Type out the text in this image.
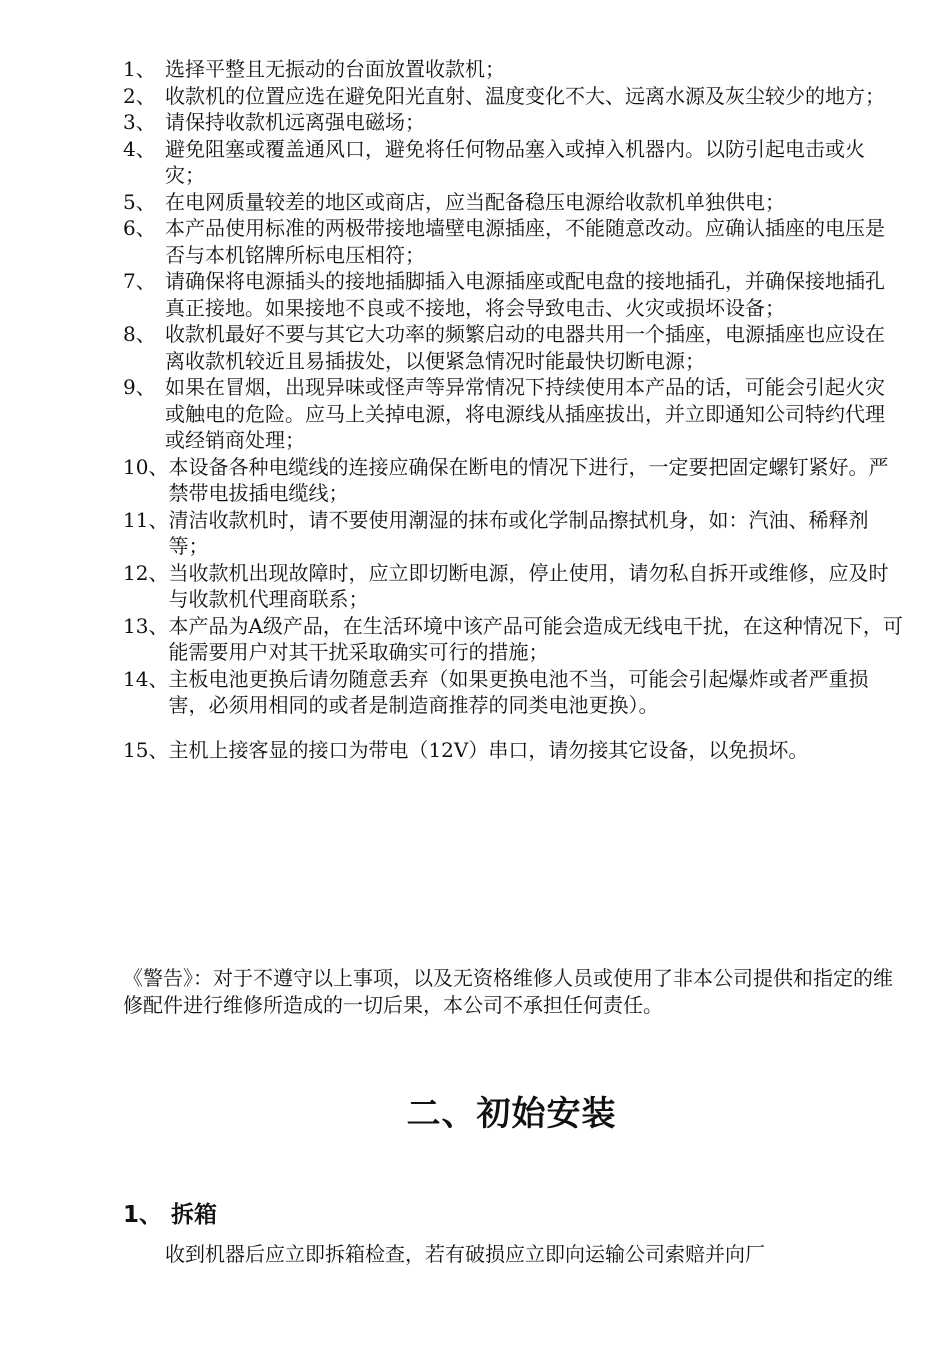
1、 选择平整且无振动的台面放置收款机；
2、 收款机的位置应选在避免阳光直射、温度变化不大、远离水源及灰尘较少的地方；
3、 请保持收款机远离强电磁场；
4、 避免阻塞或覆盖通风口，避免将任何物品塞入或掉入机器内。以防引起电击或火灾；
5、 在电网质量较差的地区或商店，应当配备稳压电源给收款机单独供电；
6、 本产品使用标准的两极带接地墙壁电源插座，不能随意改动。应确认插座的电压是否与本机铭牌所标电压相符；
7、 请确保将电源插头的接地插脚插入电源插座或配电盘的接地插孔，并确保接地插孔真正接地。如果接地不良或不接地，将会导致电击、火灾或损坏设备；
8、 收款机最好不要与其它大功率的频繁启动的电器共用一个插座，电源插座也应设在离收款机较近且易插拔处，以便紧急情况时能最快切断电源；
9、 如果在冒烟，出现异味或怪声等异常情况下持续使用本产品的话，可能会引起火灾或触电的危险。应马上关掉电源，将电源线从插座拔出，并立即通知公司特约代理或经销商处理；
10、 本设备各种电缆线的连接应确保在断电的情况下进行，一定要把固定螺钉紧好。严禁带电拔插电缆线；
11、 清洁收款机时，请不要使用潮湿的抹布或化学制品擦拭机身，如：汽油、稀释剂等；
12、 当收款机出现故障时，应立即切断电源，停止使用，请勿私自拆开或维修，应及时与收款机代理商联系；
13、 本产品为A级产品，在生活环境中该产品可能会造成无线电干扰，在这种情况下，可能需要用户对其干扰采取确实可行的措施；
14、 主板电池更换后请勿随意丢弃（如果更换电池不当，可能会引起爆炸或者严重损害，必须用相同的或者是制造商推荐的同类电池更换）。
15、 主机上接客显的接口为带电（12V）串口，请勿接其它设备，以免损坏。

《警告》：对于不遵守以上事项，以及无资格维修人员或使用了非本公司提供和指定的维修配件进行维修所造成的一切后果，本公司不承担任何责任。

二、初始安装
1、 拆箱

收到机器后应立即拆箱检查，若有破损应立即向运输公司索赔并向厂
